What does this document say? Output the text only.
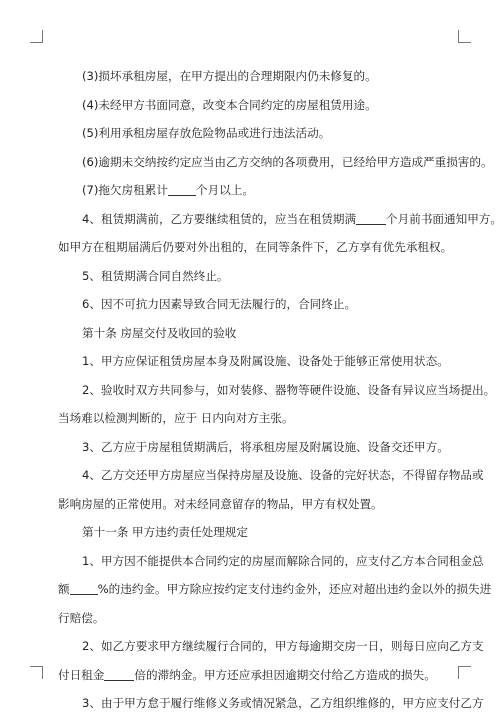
(3)损坏承租房屋，在甲方提出的合理期限内仍未修复的。
(4)未经甲方书面同意，改变本合同约定的房屋租赁用途。
(5)利用承租房屋存放危险物品或进行违法活动。
(6)逾期未交纳按约定应当由乙方交纳的各项费用，已经给甲方造成严重损害的。
(7)拖欠房租累计 个月以上。
4、租赁期满前，乙方要继续租赁的，应当在租赁期满	个月前书面通知甲方。
如甲方在租期届满后仍要对外出租的，在同等条件下，乙方享有优先承租权。
5、租赁期满合同自然终止。
6、因不可抗力因素导致合同无法履行的，合同终止。
第十条 房屋交付及收回的验收
1、甲方应保证租赁房屋本身及附属设施、设备处于能够正常使用状态。
2、验收时双方共同参与，如对装修、器物等硬件设施、设备有异议应当场提出。
当场难以检测判断的，应于 日内向对方主张。
3、乙方应于房屋租赁期满后，将承租房屋及附属设施、设备交还甲方。
4、乙方交还甲方房屋应当保持房屋及设施、设备的完好状态，不得留存物品或
影响房屋的正常使用。对未经同意留存的物品，甲方有权处置。
第十一条 甲方违约责任处理规定
1、甲方因不能提供本合同约定的房屋而解除合同的，应支付乙方本合同租金总
额 %的违约金。甲方除应按约定支付违约金外，还应对超出违约金以外的损失进
行赔偿。
2、如乙方要求甲方继续履行合同的，甲方每逾期交房一日，则每日应向乙方支
付日租金	倍的滞纳金。甲方还应承担因逾期交付给乙方造成的损失。
3、由于甲方怠于履行维修义务或情况紧急，乙方组织维修的，甲方应支付乙方
